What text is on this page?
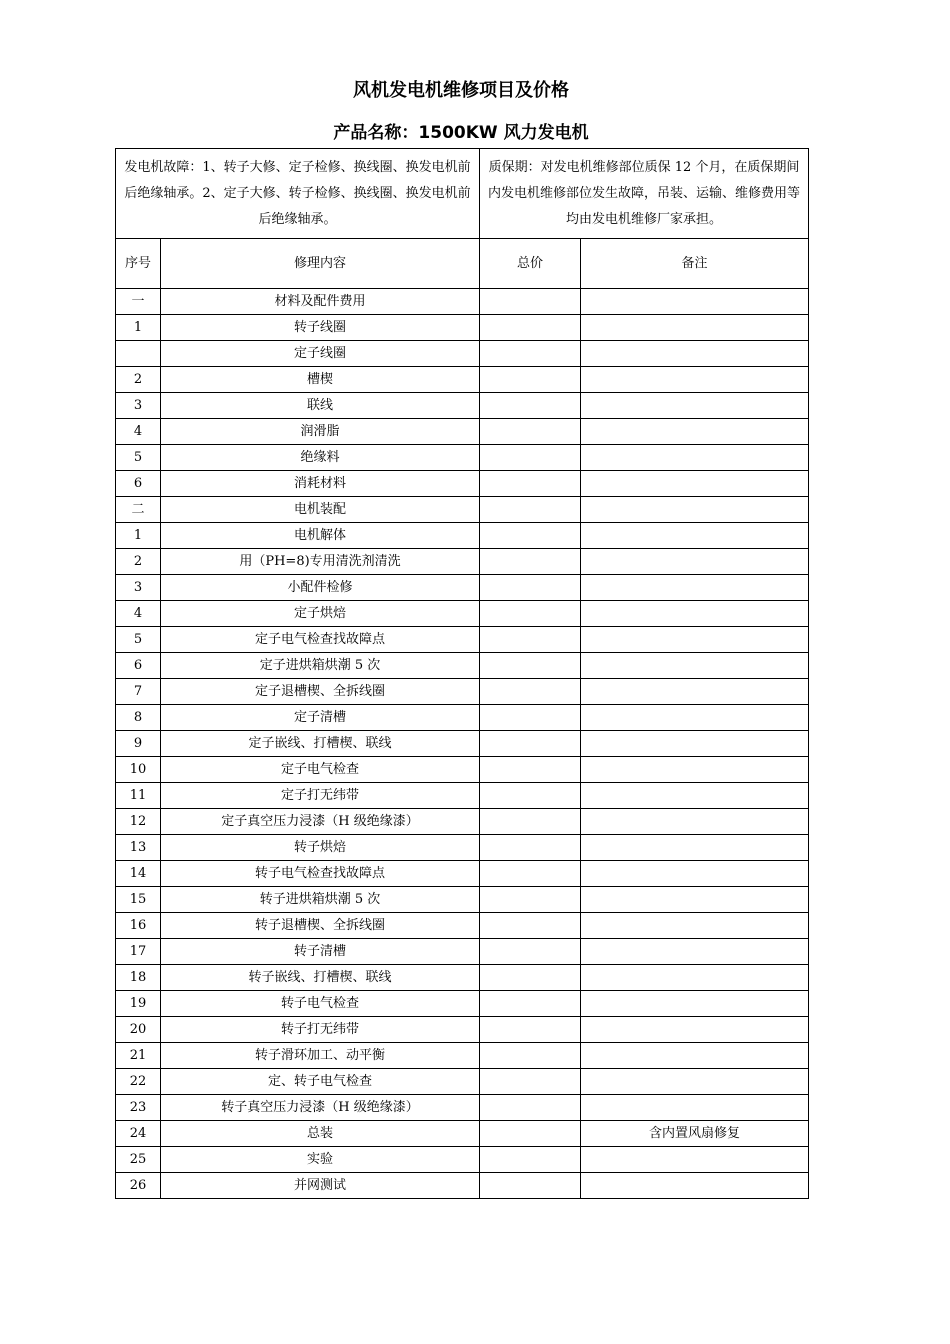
风机发电机维修项目及价格
产品名称：1500KW 风力发电机
发电机故障：1、转子大修、定子检修、换线圈、换发电机前后绝缘轴承。2、定子大修、转子检修、换线圈、换发电机前后绝缘轴承。		质保期：对发电机维修部位质保 12 个月，在质保期间内发电机维修部位发生故障，吊装、运输、维修费用等均由发电机维修厂家承担。	
序号	修理内容	总价	备注
一	材料及配件费用		
1	转子线圈		
	定子线圈		
2	槽楔		
3	联线		
4	润滑脂		
5	绝缘料		
6	消耗材料		
二	电机装配		
1	电机解体		
2	用（PH=8)专用清洗剂清洗		
3	小配件检修		
4	定子烘焙		
5	定子电气检查找故障点		
6	定子进烘箱烘潮 5 次		
7	定子退槽楔、全拆线圈		
8	定子清槽		
9	定子嵌线、打槽楔、联线		
10	定子电气检查		
11	定子打无纬带		
12	定子真空压力浸漆（H 级绝缘漆）		
13	转子烘焙		
14	转子电气检查找故障点		
15	转子进烘箱烘潮 5 次		
16	转子退槽楔、全拆线圈		
17	转子清槽		
18	转子嵌线、打槽楔、联线		
19	转子电气检查		
20	转子打无纬带		
21	转子滑环加工、动平衡		
22	定、转子电气检查		
23	转子真空压力浸漆（H 级绝缘漆）		
24	总装		含内置风扇修复
25	实验		
26	并网测试		
